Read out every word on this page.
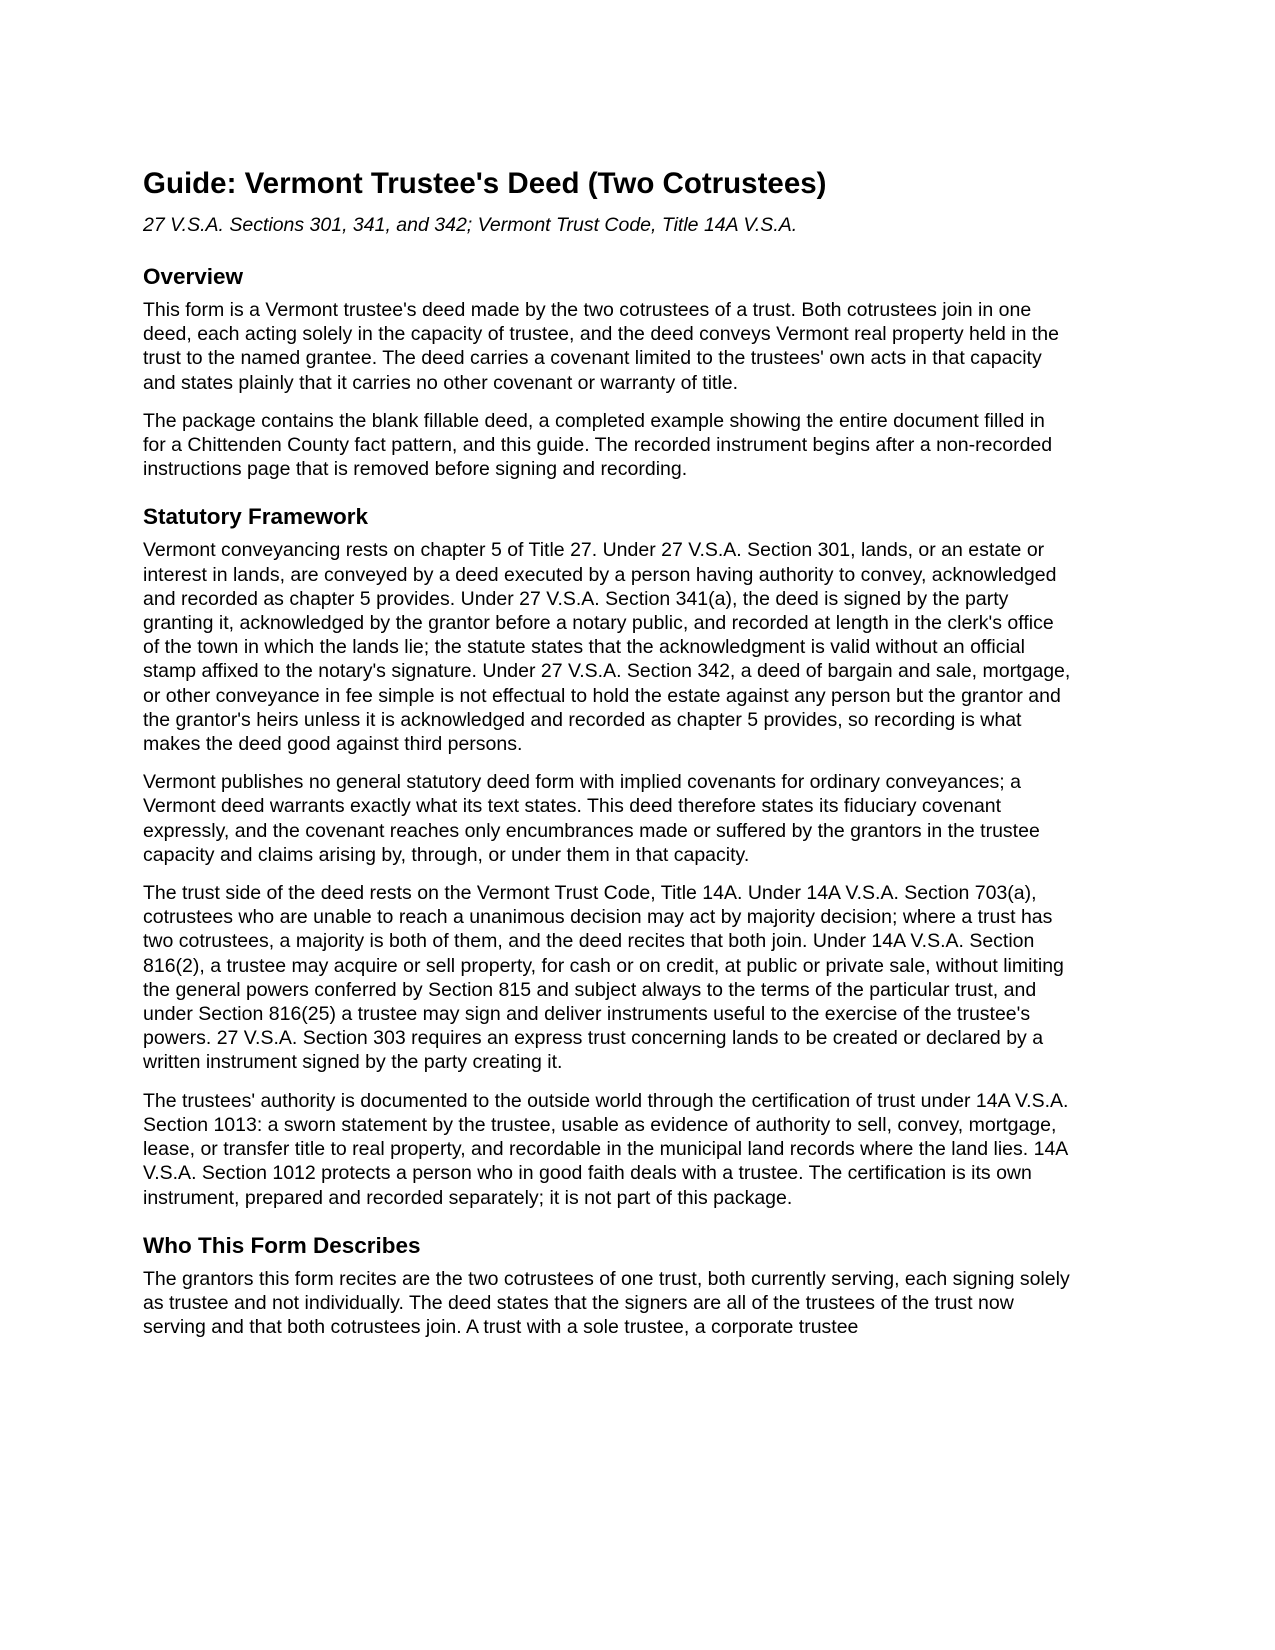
Guide: Vermont Trustee's Deed (Two Cotrustees)

27 V.S.A. Sections 301, 341, and 342; Vermont Trust Code, Title 14A V.S.A.

Overview

This form is a Vermont trustee's deed made by the two cotrustees of a trust. Both cotrustees join in one deed, each acting solely in the capacity of trustee, and the deed conveys Vermont real property held in the trust to the named grantee. The deed carries a covenant limited to the trustees' own acts in that capacity and states plainly that it carries no other covenant or warranty of title.

The package contains the blank fillable deed, a completed example showing the entire document filled in for a Chittenden County fact pattern, and this guide. The recorded instrument begins after a non-recorded instructions page that is removed before signing and recording.

Statutory Framework

Vermont conveyancing rests on chapter 5 of Title 27. Under 27 V.S.A. Section 301, lands, or an estate or interest in lands, are conveyed by a deed executed by a person having authority to convey, acknowledged and recorded as chapter 5 provides. Under 27 V.S.A. Section 341(a), the deed is signed by the party granting it, acknowledged by the grantor before a notary public, and recorded at length in the clerk's office of the town in which the lands lie; the statute states that the acknowledgment is valid without an official stamp affixed to the notary's signature. Under 27 V.S.A. Section 342, a deed of bargain and sale, mortgage, or other conveyance in fee simple is not effectual to hold the estate against any person but the grantor and the grantor's heirs unless it is acknowledged and recorded as chapter 5 provides, so recording is what makes the deed good against third persons.

Vermont publishes no general statutory deed form with implied covenants for ordinary conveyances; a Vermont deed warrants exactly what its text states. This deed therefore states its fiduciary covenant expressly, and the covenant reaches only encumbrances made or suffered by the grantors in the trustee capacity and claims arising by, through, or under them in that capacity.

The trust side of the deed rests on the Vermont Trust Code, Title 14A. Under 14A V.S.A. Section 703(a), cotrustees who are unable to reach a unanimous decision may act by majority decision; where a trust has two cotrustees, a majority is both of them, and the deed recites that both join. Under 14A V.S.A. Section 816(2), a trustee may acquire or sell property, for cash or on credit, at public or private sale, without limiting the general powers conferred by Section 815 and subject always to the terms of the particular trust, and under Section 816(25) a trustee may sign and deliver instruments useful to the exercise of the trustee's powers. 27 V.S.A. Section 303 requires an express trust concerning lands to be created or declared by a written instrument signed by the party creating it.

The trustees' authority is documented to the outside world through the certification of trust under 14A V.S.A. Section 1013: a sworn statement by the trustee, usable as evidence of authority to sell, convey, mortgage, lease, or transfer title to real property, and recordable in the municipal land records where the land lies. 14A V.S.A. Section 1012 protects a person who in good faith deals with a trustee. The certification is its own instrument, prepared and recorded separately; it is not part of this package.

Who This Form Describes

The grantors this form recites are the two cotrustees of one trust, both currently serving, each signing solely as trustee and not individually. The deed states that the signers are all of the trustees of the trust now serving and that both cotrustees join. A trust with a sole trustee, a corporate trustee
